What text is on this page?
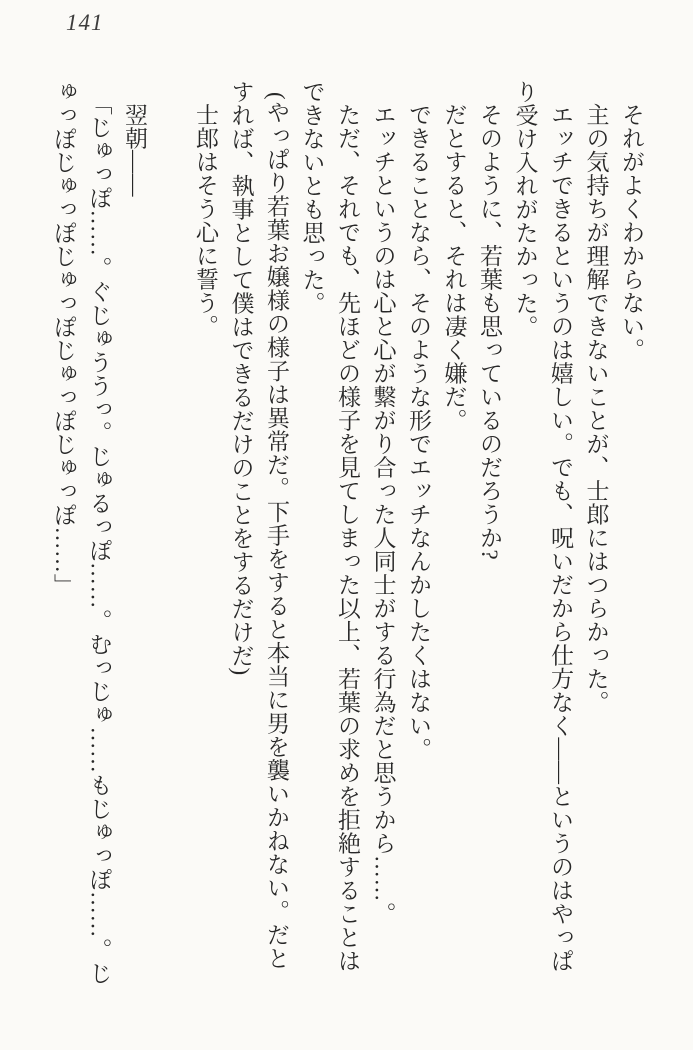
141

それがよくわからない。

主の気持ちが理解できないことが、士郎にはつらかった。

エッチできるというのは嬉しい。でも、呪いだから仕方なく——というのはやっぱり受け入れがたかった。

そのように、若葉も思っているのだろうか?

だとすると、それは凄く嫌だ。

できることなら、そのような形でエッチなんかしたくはない。

エッチというのは心と心が繋がり合った人同士がする行為だと思うから……。

ただ、それでも、先ほどの様子を見てしまった以上、若葉の求めを拒絶することはできないとも思った。

(やっぱり若葉お嬢様の様子は異常だ。下手をすると本当に男を襲いかねない。だとすれば、執事として僕はできるだけのことをするだけだ)

士郎はそう心に誓う。

翌朝——

「じゅっぽ……。ぐじゅううっ。じゅるっぽ……。むっじゅ……もじゅっぽ……。じゅっぽじゅっぽじゅっぽじゅっぽじゅっぽ……」
